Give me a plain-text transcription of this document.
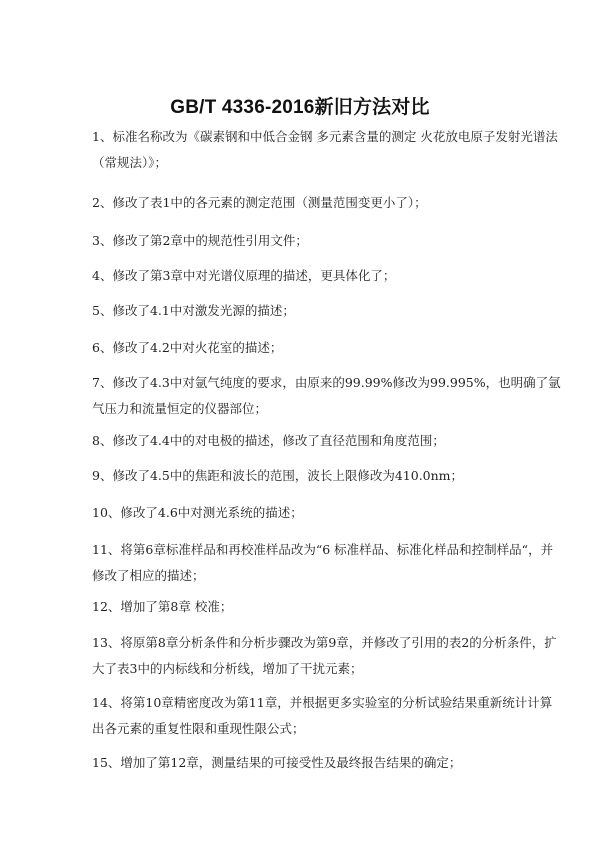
GB/T 4336-2016新旧方法对比

1、标准名称改为《碳素钢和中低合金钢 多元素含量的测定 火花放电原子发射光谱法（常规法）》；

2、修改了表1中的各元素的测定范围（测量范围变更小了）；

3、修改了第2章中的规范性引用文件；

4、修改了第3章中对光谱仪原理的描述，更具体化了；

5、修改了4.1中对激发光源的描述；

6、修改了4.2中对火花室的描述；

7、修改了4.3中对氩气纯度的要求，由原来的99.99%修改为99.995%，也明确了氩气压力和流量恒定的仪器部位；

8、修改了4.4中的对电极的描述，修改了直径范围和角度范围；

9、修改了4.5中的焦距和波长的范围，波长上限修改为410.0nm；

10、修改了4.6中对测光系统的描述；

11、将第6章标准样品和再校准样品改为“6 标准样品、标准化样品和控制样品“，并修改了相应的描述；

12、增加了第8章 校准；

13、将原第8章分析条件和分析步骤改为第9章，并修改了引用的表2的分析条件，扩大了表3中的内标线和分析线，增加了干扰元素；

14、将第10章精密度改为第11章，并根据更多实验室的分析试验结果重新统计计算出各元素的重复性限和重现性限公式；

15、增加了第12章，测量结果的可接受性及最终报告结果的确定；
